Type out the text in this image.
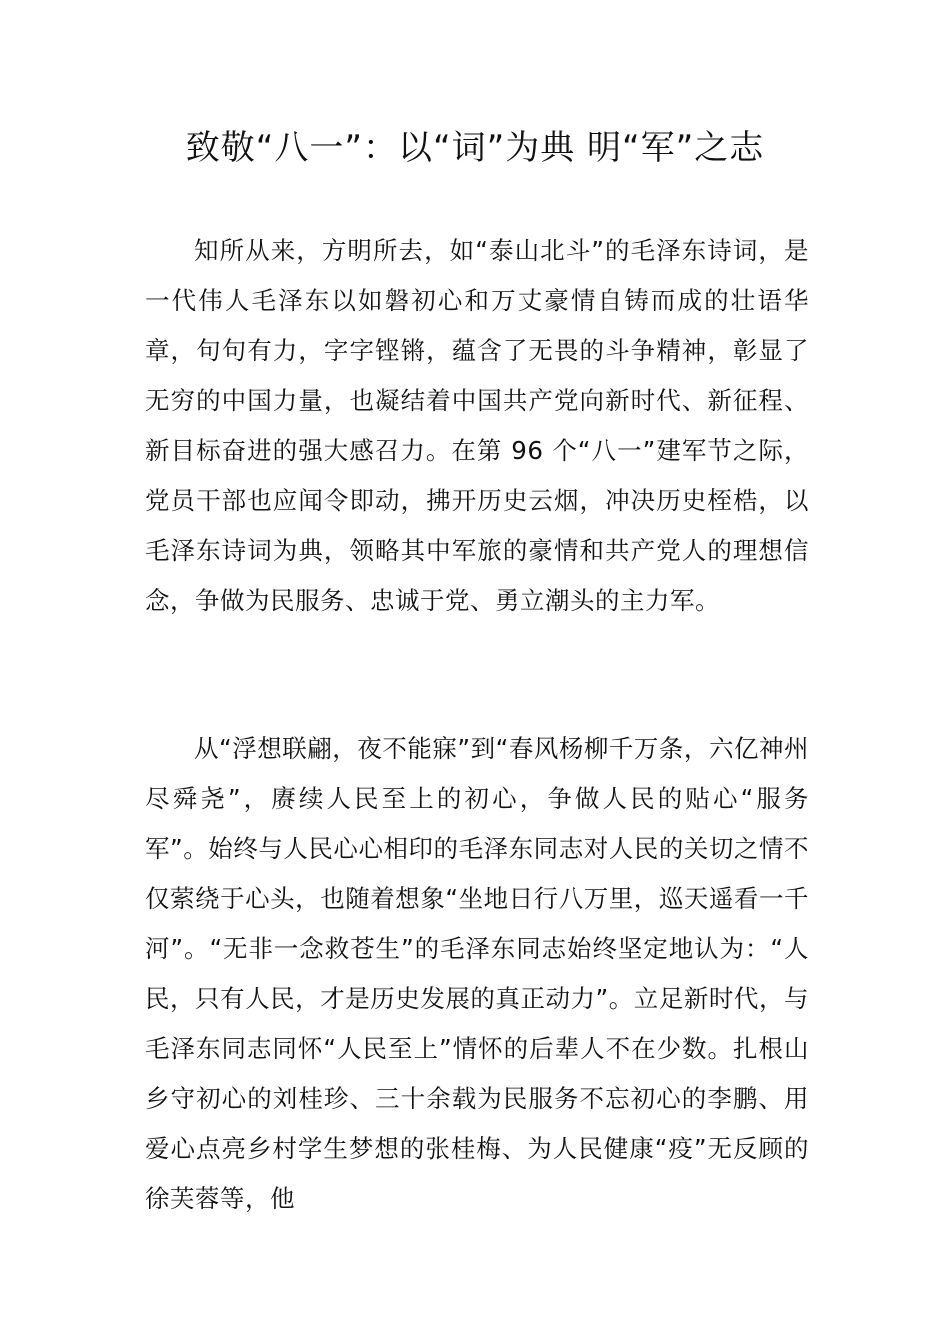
致敬“八一”：以“词”为典 明“军”之志

知所从来，方明所去，如“泰山北斗”的毛泽东诗词，是一代伟人毛泽东以如磐初心和万丈豪情自铸而成的壮语华章，句句有力，字字铿锵，蕴含了无畏的斗争精神，彰显了无穷的中国力量，也凝结着中国共产党向新时代、新征程、新目标奋进的强大感召力。在第 96 个“八一”建军节之际，党员干部也应闻令即动，拂开历史云烟，冲决历史桎梏，以毛泽东诗词为典，领略其中军旅的豪情和共产党人的理想信念，争做为民服务、忠诚于党、勇立潮头的主力军。

从“浮想联翩，夜不能寐”到“春风杨柳千万条，六亿神州尽舜尧”，赓续人民至上的初心，争做人民的贴心“服务军”。始终与人民心心相印的毛泽东同志对人民的关切之情不仅萦绕于心头，也随着想象“坐地日行八万里，巡天遥看一千河”。“无非一念救苍生”的毛泽东同志始终坚定地认为：“人民，只有人民，才是历史发展的真正动力”。立足新时代，与毛泽东同志同怀“人民至上”情怀的后辈人不在少数。扎根山乡守初心的刘桂珍、三十余载为民服务不忘初心的李鹏、用爱心点亮乡村学生梦想的张桂梅、为人民健康“疫”无反顾的徐芙蓉等，他
